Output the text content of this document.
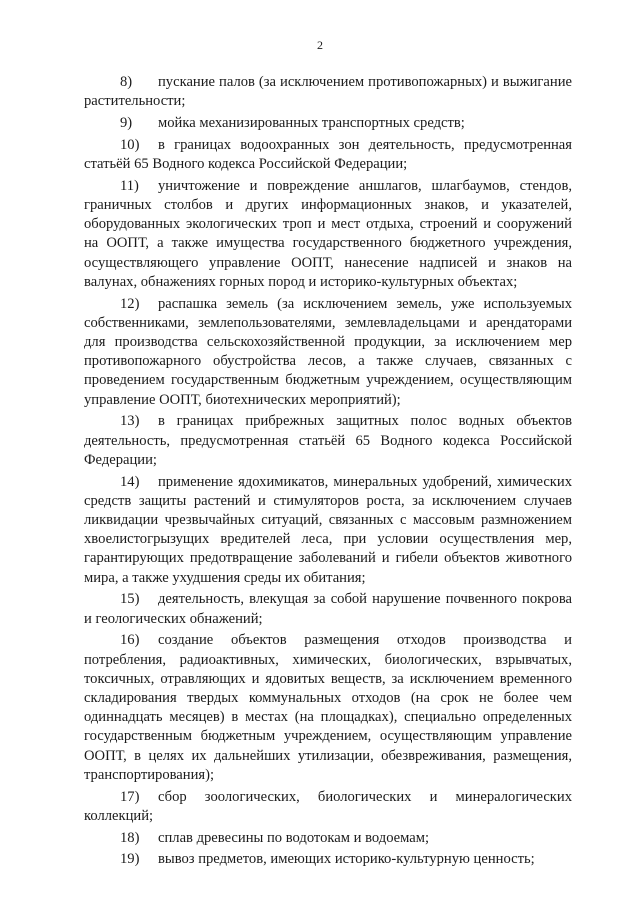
2

8) пускание палов (за исключением противопожарных) и выжигание растительности;

9) мойка механизированных транспортных средств;

10) в границах водоохранных зон деятельность, предусмотренная статьёй 65 Водного кодекса Российской Федерации;

11) уничтожение и повреждение аншлагов, шлагбаумов, стендов, граничных столбов и других информационных знаков, и указателей, оборудованных экологических троп и мест отдыха, строений и сооружений на ООПТ, а также имущества государственного бюджетного учреждения, осуществляющего управление ООПТ, нанесение надписей и знаков на валунах, обнажениях горных пород и историко-культурных объектах;

12) распашка земель (за исключением земель, уже используемых собственниками, землепользователями, землевладельцами и арендаторами для производства сельскохозяйственной продукции, за исключением мер противопожарного обустройства лесов, а также случаев, связанных с проведением государственным бюджетным учреждением, осуществляющим управление ООПТ, биотехнических мероприятий);

13) в границах прибрежных защитных полос водных объектов деятельность, предусмотренная статьёй 65 Водного кодекса Российской Федерации;

14) применение ядохимикатов, минеральных удобрений, химических средств защиты растений и стимуляторов роста, за исключением случаев ликвидации чрезвычайных ситуаций, связанных с массовым размножением хвоелистогрызущих вредителей леса, при условии осуществления мер, гарантирующих предотвращение заболеваний и гибели объектов животного мира, а также ухудшения среды их обитания;

15) деятельность, влекущая за собой нарушение почвенного покрова и геологических обнажений;

16) создание объектов размещения отходов производства и потребления, радиоактивных, химических, биологических, взрывчатых, токсичных, отравляющих и ядовитых веществ, за исключением временного складирования твердых коммунальных отходов (на срок не более чем одиннадцать месяцев) в местах (на площадках), специально определенных государственным бюджетным учреждением, осуществляющим управление ООПТ, в целях их дальнейших утилизации, обезвреживания, размещения, транспортирования);

17) сбор зоологических, биологических и минералогических коллекций;

18) сплав древесины по водотокам и водоемам;

19) вывоз предметов, имеющих историко-культурную ценность;
